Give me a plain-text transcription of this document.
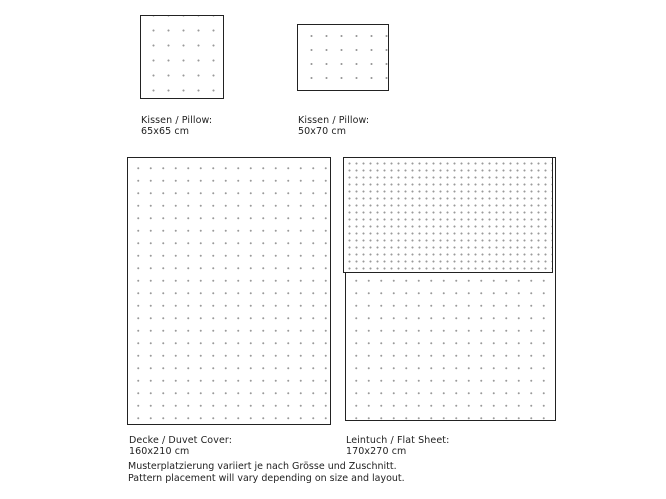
Kissen / Pillow:
65x65 cm
Kissen / Pillow:
50x70 cm
Decke / Duvet Cover:
160x210 cm
Leintuch / Flat Sheet:
170x270 cm
Musterplatzierung variiert je nach Grösse und Zuschnitt.
Pattern placement will vary depending on size and layout.
